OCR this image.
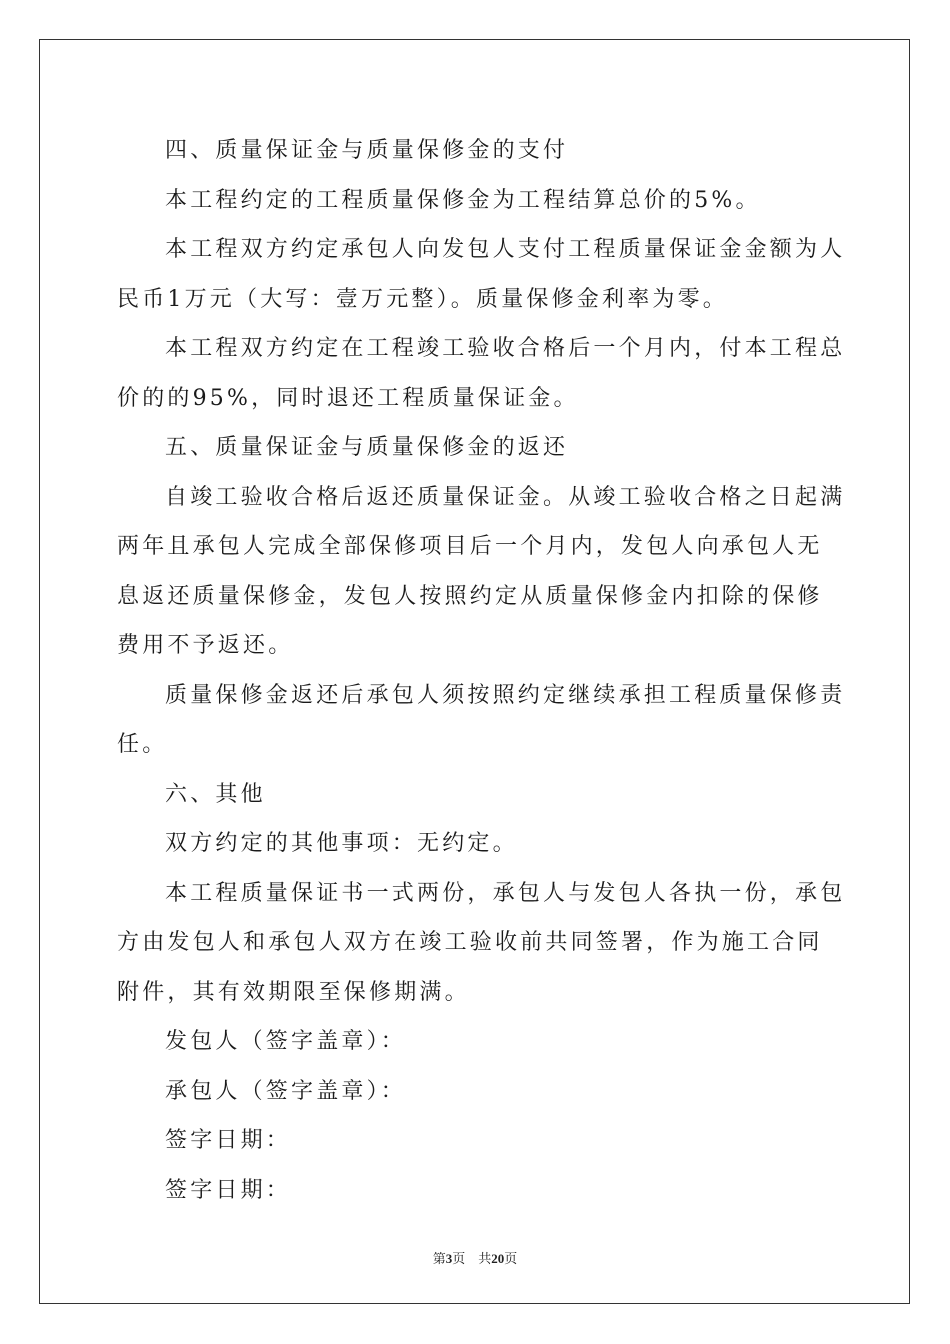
四、质量保证金与质量保修金的支付

本工程约定的工程质量保修金为工程结算总价的5%。

本工程双方约定承包人向发包人支付工程质量保证金金额为人民币1万元（大写：壹万元整）。质量保修金利率为零。

本工程双方约定在工程竣工验收合格后一个月内，付本工程总价的的95%，同时退还工程质量保证金。

五、质量保证金与质量保修金的返还

自竣工验收合格后返还质量保证金。从竣工验收合格之日起满两年且承包人完成全部保修项目后一个月内，发包人向承包人无息返还质量保修金，发包人按照约定从质量保修金内扣除的保修费用不予返还。

质量保修金返还后承包人须按照约定继续承担工程质量保修责任。

六、其他

双方约定的其他事项：无约定。

本工程质量保证书一式两份，承包人与发包人各执一份，承包方由发包人和承包人双方在竣工验收前共同签署，作为施工合同附件，其有效期限至保修期满。

发包人（签字盖章）：

承包人（签字盖章）：

签字日期：

签字日期：

第3页 共20页
